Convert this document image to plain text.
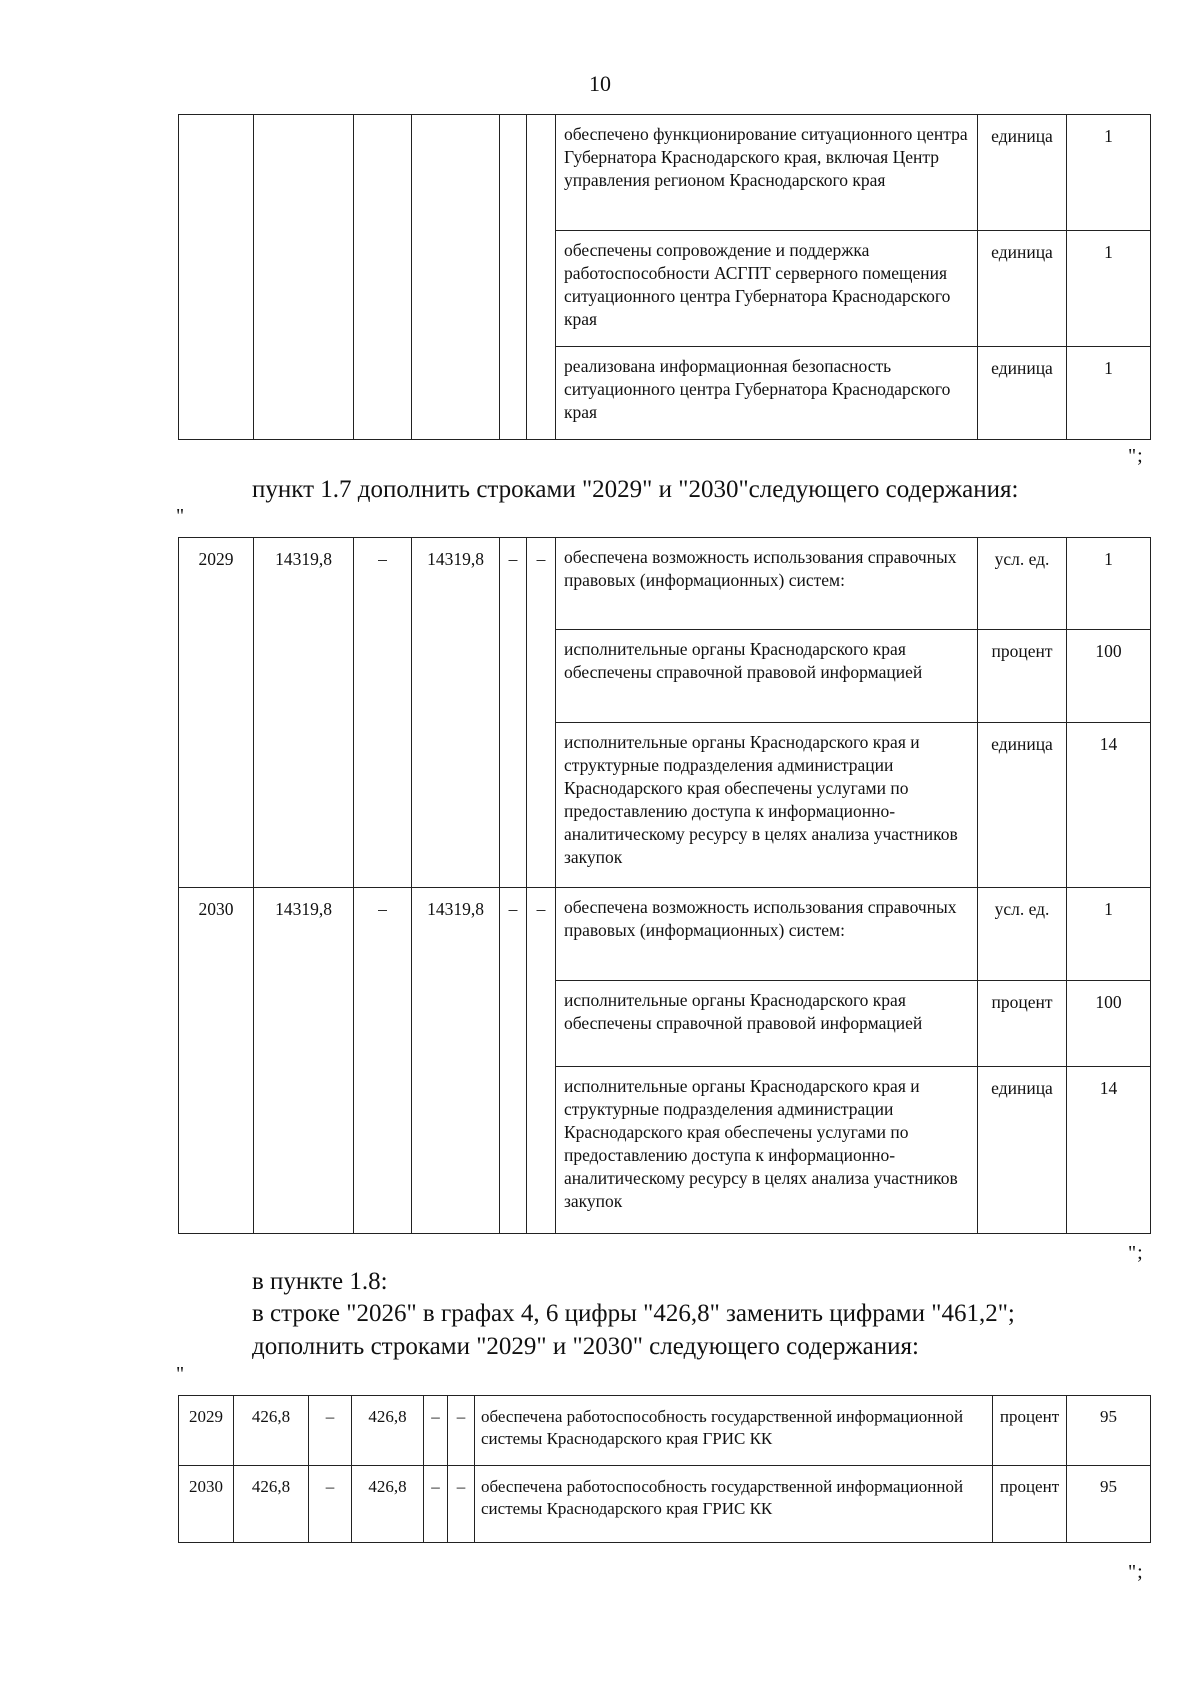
10
						обеспечено функционирование ситуационного центра Губернатора Краснодарского края, включая Центр управления регионом Краснодарского края	единица	1
						обеспечены сопровождение и поддержка работоспособности АСГПТ серверного помещения ситуационного центра Губернатора Краснодарского края	единица	1
						реализована информационная безопасность ситуационного центра Губернатора Краснодарского края	единица	1
";
пункт 1.7 дополнить строками "2029" и "2030"следующего содержания:
"
2029	14319,8	–	14319,8	–	–	обеспечена возможность использования справочных правовых (информационных) систем:	усл. ед.	1
						исполнительные органы Краснодарского края обеспечены справочной правовой информацией	процент	100
						исполнительные органы Краснодарского края и структурные подразделения администрации Краснодарского края обеспечены услугами по предоставлению доступа к информационно-аналитическому ресурсу в целях анализа участников закупок	единица	14
2030	14319,8	–	14319,8	–	–	обеспечена возможность использования справочных правовых (информационных) систем:	усл. ед.	1
						исполнительные органы Краснодарского края обеспечены справочной правовой информацией	процент	100
						исполнительные органы Краснодарского края и структурные подразделения администрации Краснодарского края обеспечены услугами по предоставлению доступа к информационно-аналитическому ресурсу в целях анализа участников закупок	единица	14
";
в пункте 1.8:
в строке "2026" в графах 4, 6 цифры "426,8" заменить цифрами "461,2";
дополнить строками "2029" и "2030" следующего содержания:
"
2029	426,8	–	426,8	–	–	обеспечена работоспособность государственной информационной системы Краснодарского края ГРИС КК	процент	95
2030	426,8	–	426,8	–	–	обеспечена работоспособность государственной информационной системы Краснодарского края ГРИС КК	процент	95
";
